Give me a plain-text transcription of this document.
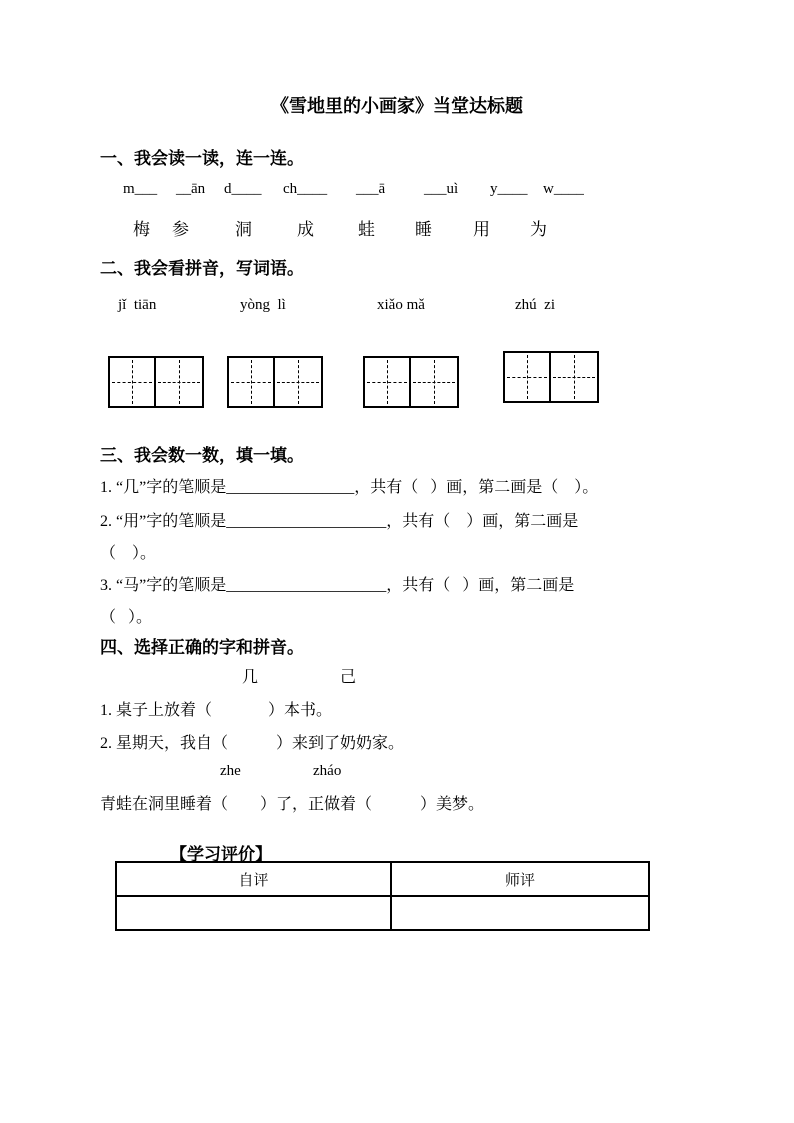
《雪地里的小画家》当堂达标题
一、我会读一读，连一连。
m___ __ān d____ ch____ ___ā	___uì y____ w____
梅 参	洞	成	蛙 睡 用 为
二、我会看拼音，写词语。
jǐ  tiān	yòng  lì	xiǎo mǎ	zhú  zi
三、我会数一数，填一填。
1. “几”字的笔顺是________________，共有（   ）画，第二画是（    ）。
2. “用”字的笔顺是____________________，共有（    ）画，第二画是
（    ）。
3. “马”字的笔顺是____________________，共有（   ）画，第二画是
（   ）。
四、选择正确的字和拼音。
几	己
1. 桌子上放着（              ）本书。
2. 星期天，我自（            ）来到了奶奶家。
zhe	zháo
青蛙在洞里睡着（        ）了，正做着（            ）美梦。
【学习评价】
自评	师评
